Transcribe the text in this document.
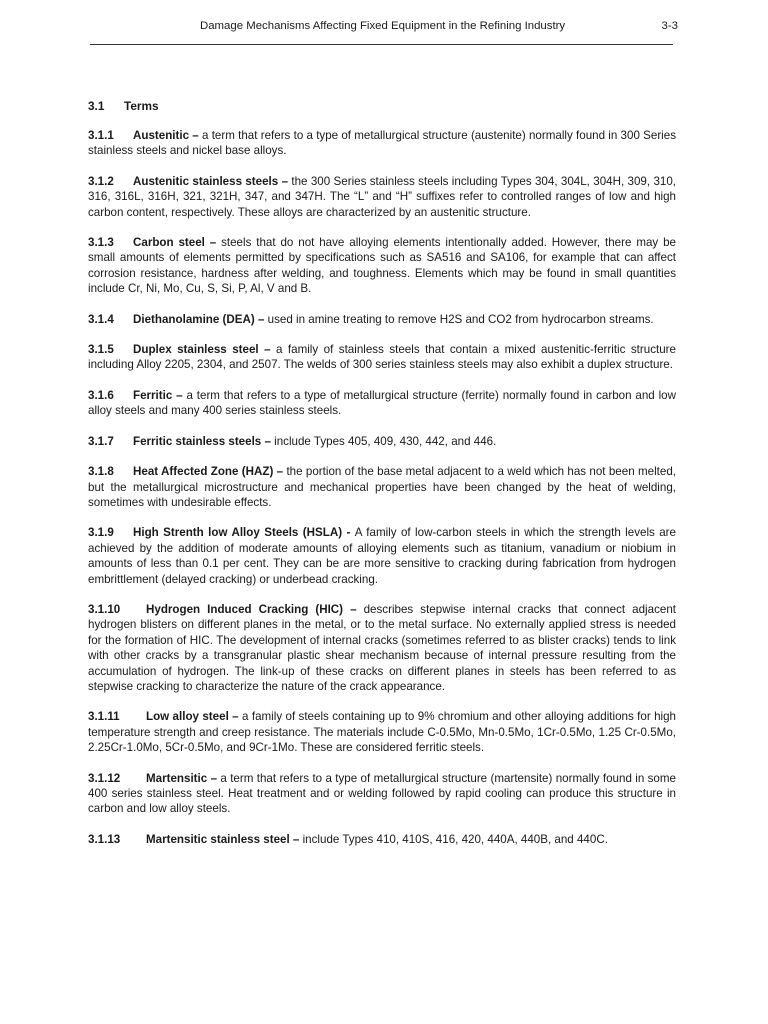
Damage Mechanisms Affecting Fixed Equipment in the Refining Industry	3-3
3.1 Terms

3.1.1 Austenitic – a term that refers to a type of metallurgical structure (austenite) normally found in 300 Series stainless steels and nickel base alloys.

3.1.2 Austenitic stainless steels – the 300 Series stainless steels including Types 304, 304L, 304H, 309, 310, 316, 316L, 316H, 321, 321H, 347, and 347H. The “L” and “H” suffixes refer to controlled ranges of low and high carbon content, respectively. These alloys are characterized by an austenitic structure.

3.1.3 Carbon steel – steels that do not have alloying elements intentionally added. However, there may be small amounts of elements permitted by specifications such as SA516 and SA106, for example that can affect corrosion resistance, hardness after welding, and toughness. Elements which may be found in small quantities include Cr, Ni, Mo, Cu, S, Si, P, Al, V and B.

3.1.4 Diethanolamine (DEA) – used in amine treating to remove H2S and CO2 from hydrocarbon streams.

3.1.5 Duplex stainless steel – a family of stainless steels that contain a mixed austenitic-ferritic structure including Alloy 2205, 2304, and 2507. The welds of 300 series stainless steels may also exhibit a duplex structure.

3.1.6 Ferritic – a term that refers to a type of metallurgical structure (ferrite) normally found in carbon and low alloy steels and many 400 series stainless steels.

3.1.7 Ferritic stainless steels – include Types 405, 409, 430, 442, and 446.

3.1.8 Heat Affected Zone (HAZ) – the portion of the base metal adjacent to a weld which has not been melted, but the metallurgical microstructure and mechanical properties have been changed by the heat of welding, sometimes with undesirable effects.

3.1.9 High Strenth low Alloy Steels (HSLA) - A family of low-carbon steels in which the strength levels are achieved by the addition of moderate amounts of alloying elements such as titanium, vanadium or niobium in amounts of less than 0.1 per cent. They can be are more sensitive to cracking during fabrication from hydrogen embrittlement (delayed cracking) or underbead cracking.

3.1.10 Hydrogen Induced Cracking (HIC) – describes stepwise internal cracks that connect adjacent hydrogen blisters on different planes in the metal, or to the metal surface. No externally applied stress is needed for the formation of HIC. The development of internal cracks (sometimes referred to as blister cracks) tends to link with other cracks by a transgranular plastic shear mechanism because of internal pressure resulting from the accumulation of hydrogen. The link-up of these cracks on different planes in steels has been referred to as stepwise cracking to characterize the nature of the crack appearance.

3.1.11 Low alloy steel – a family of steels containing up to 9% chromium and other alloying additions for high temperature strength and creep resistance. The materials include C-0.5Mo, Mn-0.5Mo, 1Cr-0.5Mo, 1.25 Cr-0.5Mo, 2.25Cr-1.0Mo, 5Cr-0.5Mo, and 9Cr-1Mo. These are considered ferritic steels.

3.1.12 Martensitic – a term that refers to a type of metallurgical structure (martensite) normally found in some 400 series stainless steel. Heat treatment and or welding followed by rapid cooling can produce this structure in carbon and low alloy steels.

3.1.13 Martensitic stainless steel – include Types 410, 410S, 416, 420, 440A, 440B, and 440C.
